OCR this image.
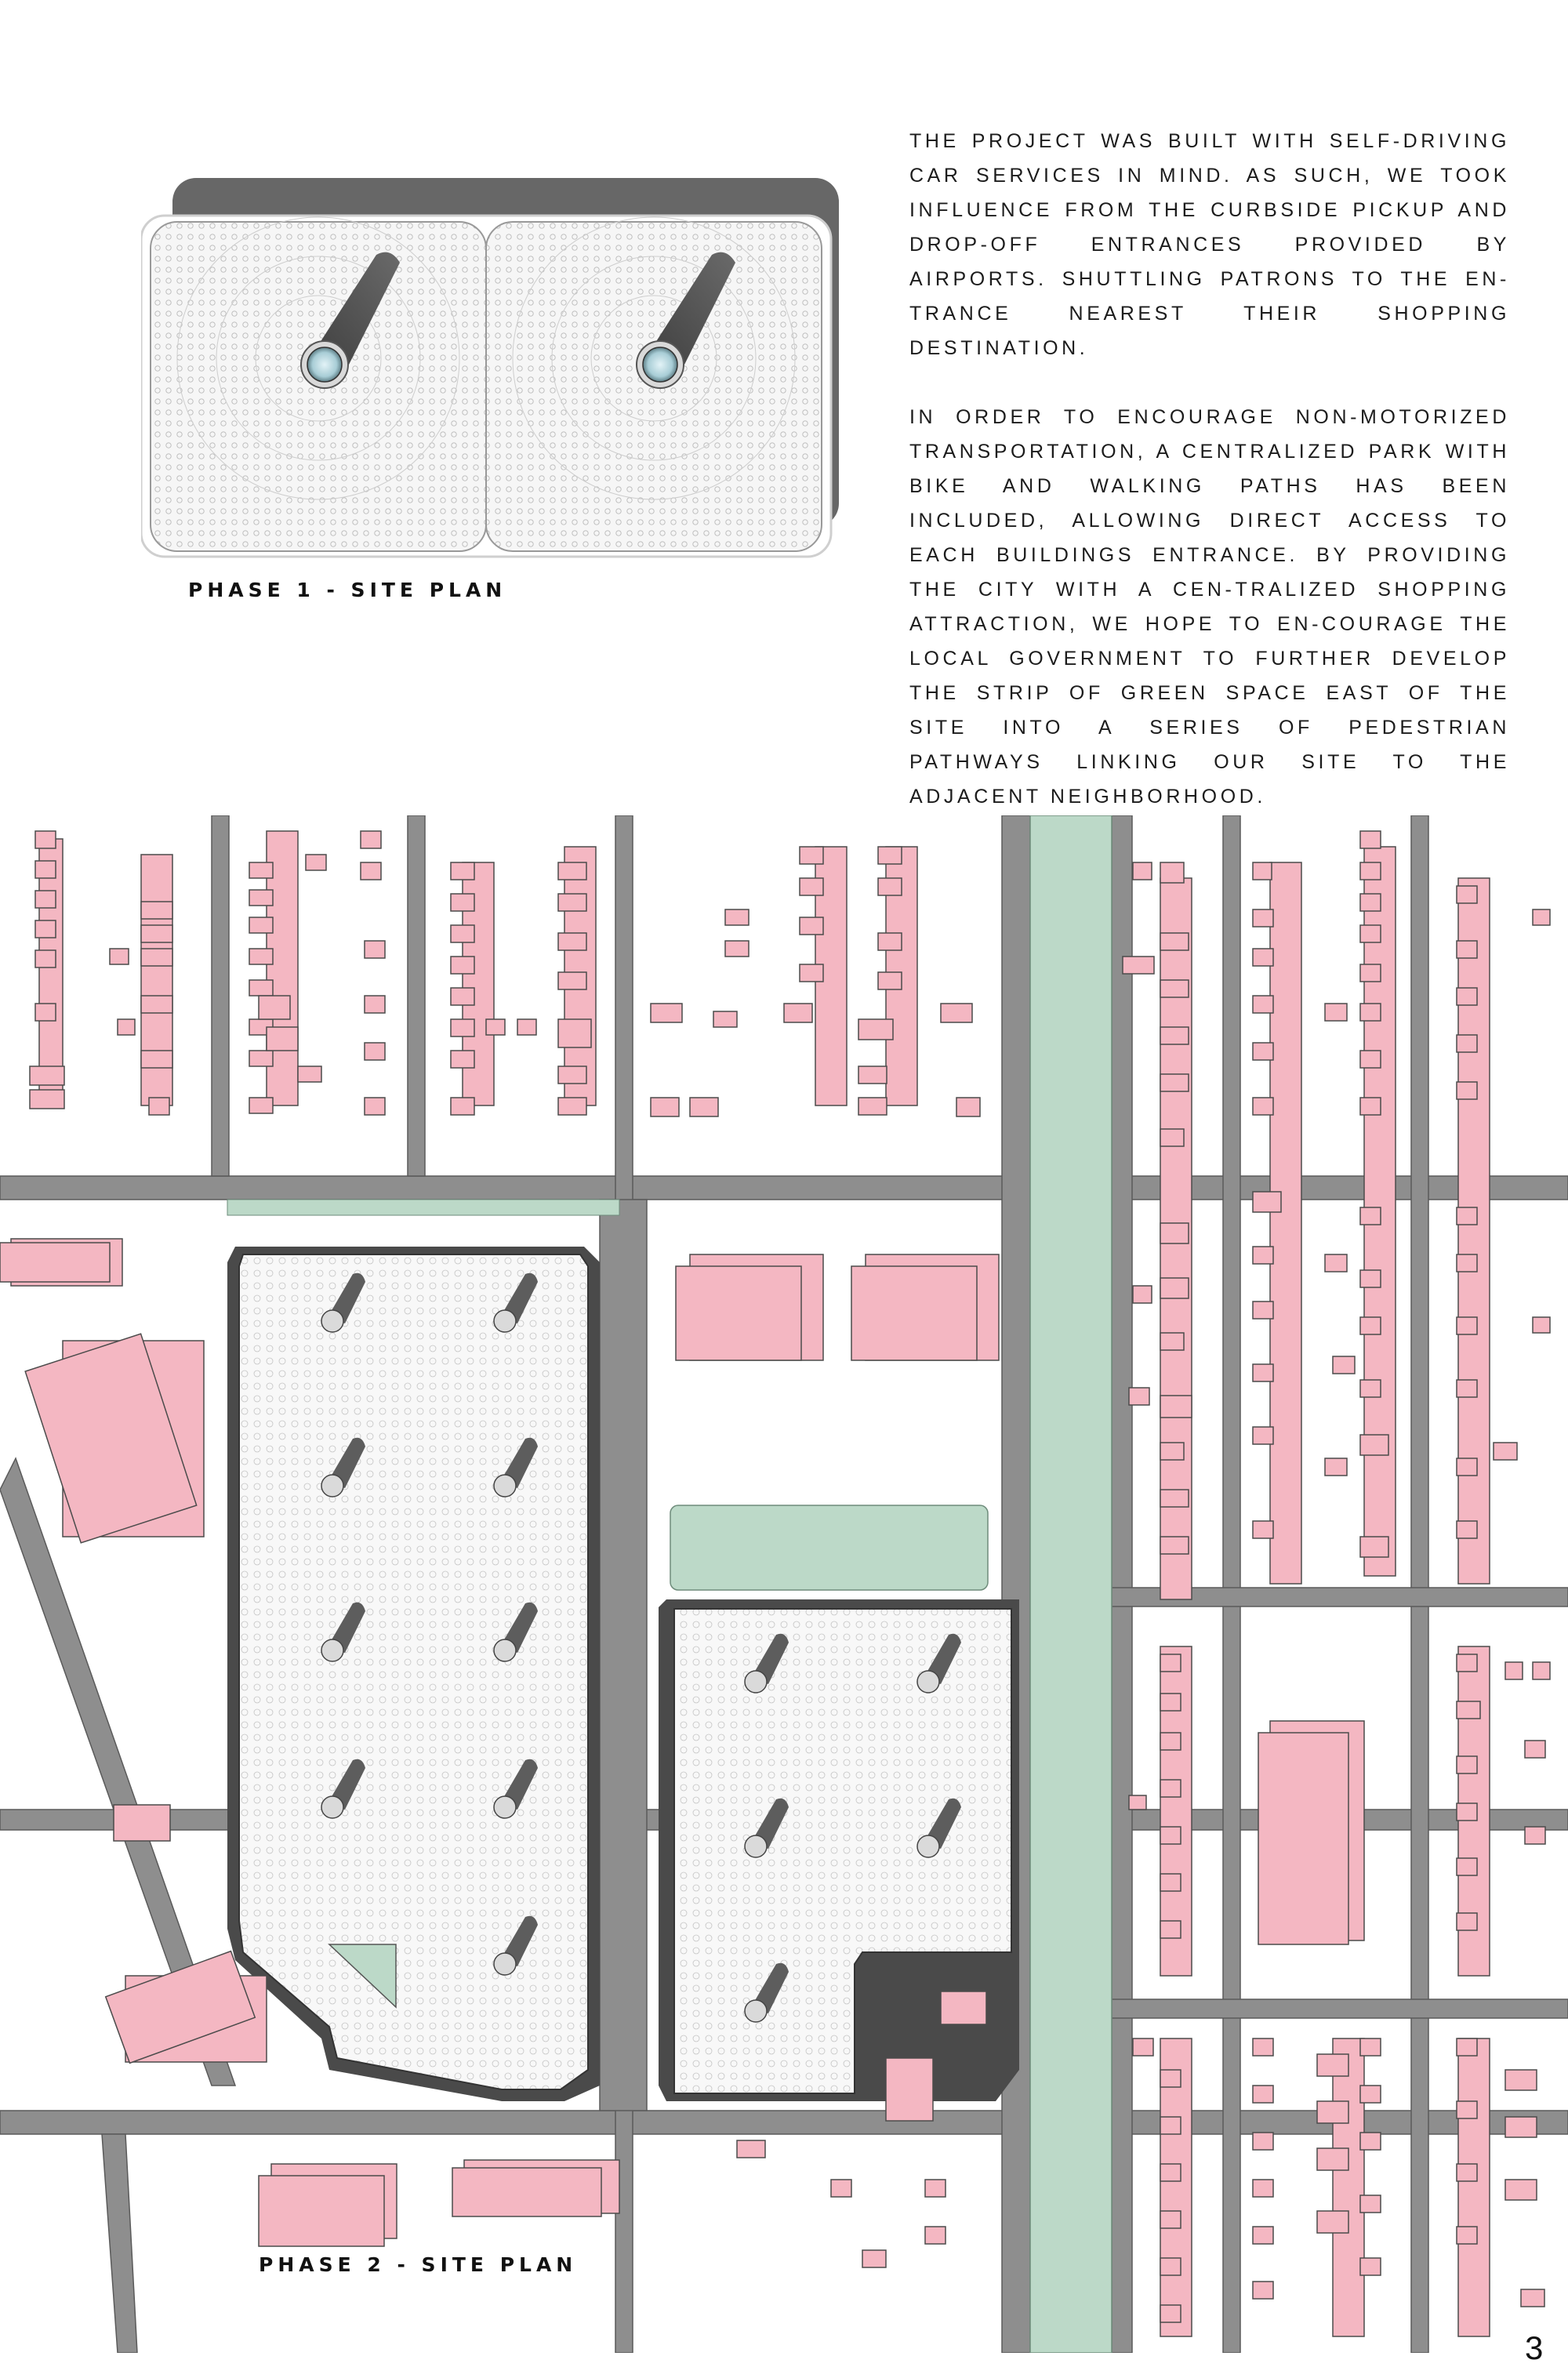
PHASE 1 - SITE PLAN

THE PROJECT WAS BUILT WITH SELF-DRIVING CAR SERVICES IN MIND. AS SUCH, WE TOOK INFLUENCE FROM THE CURBSIDE PICKUP AND DROP-OFF ENTRANCES PROVIDED BY AIRPORTS. SHUTTLING PATRONS TO THE EN-TRANCE NEAREST THEIR SHOPPING DESTINATION.

IN ORDER TO ENCOURAGE NON-MOTORIZED TRANSPORTATION, A CENTRALIZED PARK WITH BIKE AND WALKING PATHS HAS BEEN INCLUDED, ALLOWING DIRECT ACCESS TO EACH BUILDINGS ENTRANCE. BY PROVIDING THE CITY WITH A CEN-TRALIZED SHOPPING ATTRACTION, WE HOPE TO EN-COURAGE THE LOCAL GOVERNMENT TO FURTHER DEVELOP THE STRIP OF GREEN SPACE EAST OF THE SITE INTO A SERIES OF PEDESTRIAN PATHWAYS LINKING OUR SITE TO THE ADJACENT NEIGHBORHOOD.

PHASE 2 - SITE PLAN
3
